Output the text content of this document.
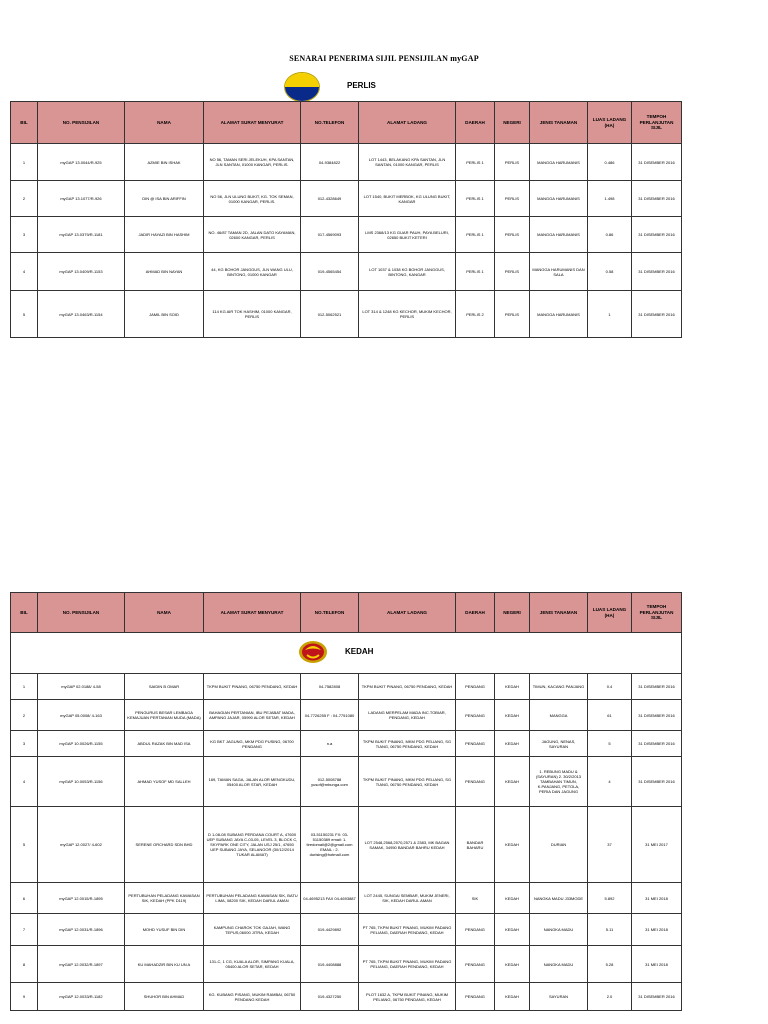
SENARAI PENERIMA SIJIL PENSIJILAN myGAP
PERLIS
BIL	NO. PENSIJILAN	NAMA	ALAMAT SURAT MENYURAT	NO.TELEFON	ALAMAT LADANG	DAERAH	NEGERI	JENIS TANAMAN	LUAS LADANG (HA)	TEMPOH PERLANJUTAN SIJIL
1	myGAP 13.0044/R-925	AZMIE BIN ISHAK	NO 56, TAMAN SERI JELEKUH, KPA SANTAN, JLN SANTAN, 01000 KANGAR, PERLIS.	04-9384822	LOT 1443, BELAKANG KPA SANTAN, JLN SANTAN, 01000 KANGAR, PERLIS	PERLIS 1	PERLIS	MANGGA HARUMANIS	0.486	31 DISEMBER 2016
2	myGAP 13.1077/R-926	DIN @ ISA BIN ARIFFIN	NO 56, JLN ULUNG BUKIT, KG. TOK SEMAN, 01000 KANGAR, PERLIS.	012-4328649	LOT 1540, BUKIT MERBOK, KG ULUNG BUKIT, KANGAR	PERLIS 1	PERLIS	MANGGA HARUMANIS	1.498	31 DISEMBER 2016
3	myGAP 13.0379/R-1181	JADIR HAYAZI BIN HASHIM	NO. 46/87 TAMAN 2D, JALAN DATO KAYAMAN, 02600 KANGAR, PERLIS	017-4569093	LMS 2368/13 KG GUAR PAUH, PAYA BELURI, 02650 BUKIT KETERI	PERLIS 1	PERLIS	MANGGA HARUMANIS	0.86	31 DISEMBER 2016
4	myGAP 13.0409/R-1153	AHMAD BIN NAYAN	44, KG BOHOR JANGGUS, JLN WANG ULU, BINTONG, 01000 KANGAR	019-4565454	LOT 1037 & 1038 KG BOHOR JANGGUS, BINTONG, KANGAR	PERLIS 1	PERLIS	MANGGA HARUMANIS DAN SALA	0.58	31 DISEMBER 2016
5	myGAP 13.0463/R-1154	JAMIL BIN SOID	114 KG AIR TOK HASHIM, 01000 KANGAR, PERLIS	012-5062521	LOT 314 & 1248 KG KECHOR, MUKIM KECHOR, PERLIS	PERLIS 2	PERLIS	MANGGA HARUMANIS	1	31 DISEMBER 2016
BIL	NO. PENSIJILAN	NAMA	ALAMAT SURAT MENYURAT	NO.TELEFON	ALAMAT LADANG	DAERAH	NEGERI	JENIS TANAMAN	LUAS LADANG (HA)	TEMPOH PERLANJUTAN SIJIL

KEDAH										

1	myGAP 02.0188/ 4-58	SAIDIN B OMAR	TKPM BUKIT PINANG, 06750 PENDANG, KEDAH	04-7582808	TKPM BUKIT PINANG, 06750 PENDANG, KEDAH	PENDANG	KEDAH	TIMUN, KACANG PANJANG	0.4	31 DISEMBER 2016
2	myGAP 05.0008/ 4-163	PENGURUS BESAR LEMBAGA KEMAJUAN PERTANIAN MUDA (MADA)	BAHAGIAN PERTANIAN, IBU PEJABAT MADA, AMPANG JAJAR, 05990 ALOR SETAR, KEDAH	04-7726255 F : 04-7751080	LADANG MERPELAM MADA INC.TOBIAR, PENDANG, KEDAH	PENDANG	KEDAH	MANGGA	61	31 DISEMBER 2016
3	myGAP 10.0026/R-1155	ABDUL RAZAK BIN MAD ISA	KG BKT JAGUNG, MKM PDG PUSING, 06700 PENDANG	n.a	TKPM BUKIT PINANG, MKM PDG PELIANG, SG TIANG, 06750 PENDANG, KEDAH	PENDANG	KEDAH	JAGUNG, NENAS, SAYURAN	5	31 DISEMBER 2016
4	myGAP 10.0053/R-1156	AHMAD YUSOF MD SALLEH	169, TAMAN SAGA, JALAN ALOR MENGKUDU, 05400 ALOR STAR, KEDAH	012-5008788 yusof@mbunga.com	TKPM BUKIT PINANG, MKM PDG PELIANG, SG TIANG, 06750 PENDANG, KEDAH	PENDANG	KEDAH	1. REBUNG MADU & (SAYURAN) 2. 30/2/2013 TAMBAHAN TIMUN, K.PANJANG, PETOLA, PERIA DAN JAGUNG	4	31 DISEMBER 2016
5	myGAP 12.0027/ 4-602	SERENE ORCHARD SDN BHD	D 1-08-08 SUBANG PERDANA COURT A, 47600 UEP SUBANG JAYA C-03-05, LEVEL 3, BLOCK C, SKYPARK ONE CITY, JALAN USJ 25/1, 47650 UEP SUBANG JAYA, SELANGOR (30/12/2014 TUKAR ALAMAT)	03-51150231 FX: 03-51150389 email: 1. tiredomail@2@gmail.com EMAIL : 2. durising@hotmail.com	LOT 2548,2568,2570,2571 & 2383, MK BAGAN SAMAK, 34950 BANDAR BAHRU KEDAH	BANDAR BAHARU	KEDAH	DURIAN	37	31 MEI 2017
6	myGAP 12.0015/R-1895	PERTUBUHAN PELADANG KAWASAN SIK, KEDAH (PPK D119)	PERTUBUHAN PELADANG KAWASAN SIK, BATU LIMA, 08200 SIK, KEDAH DARUL AMAN	04-4695213 FAX 04-4693887	LOT 2445, SUNGAI SEMBAR, MUKIM JENERI, SIK, KEDAH DARUL AMAN	SIK	KEDAH	NANGKA MADU J33MODE	5.892	31 MEI 2018
7	myGAP 12.0031/R-1896	MOHD YUSUF BIN DIN	KAMPUNG CHAROK TOK GAJAH, WANG TEPUS,06000 JITRA, KEDAH	019-4429892	PT 765, TKPM BUKIT PINANG, MUKIM PADANG PELIANG, DAERAH PENDANG, KEDAH	PENDANG	KEDAH	NANGKA MADU	5.11	31 MEI 2018
8	myGAP 12.0032/R-1897	KU MAHADZIR BIN KU UN A	131-C, 1 CG, KUALA ALOR, SIMPANG KUALA, 05400 ALOR SETAR, KEDAH	019-4408888	PT 765, TKPM BUKIT PINANG, MUKIM PADANG PELIANG, DAERAH PENDANG, KEDAH	PENDANG	KEDAH	NANGKA MADU	5.28	31 MEI 2018
9	myGAP 12.0033/R-1182	SHUHOR BIN AHMAD	KG. KUBANG PISANG, MUKIM RAMBAI, 06750 PENDANG KEDAH	019-4327250	PLOT 1632 A, TKPM BUKIT PINANG, MUKIM PELIANG, 06750 PENDANG, KEDAH	PENDANG	KEDAH	SAYURAN	2.0	31 DISEMBER 2016
